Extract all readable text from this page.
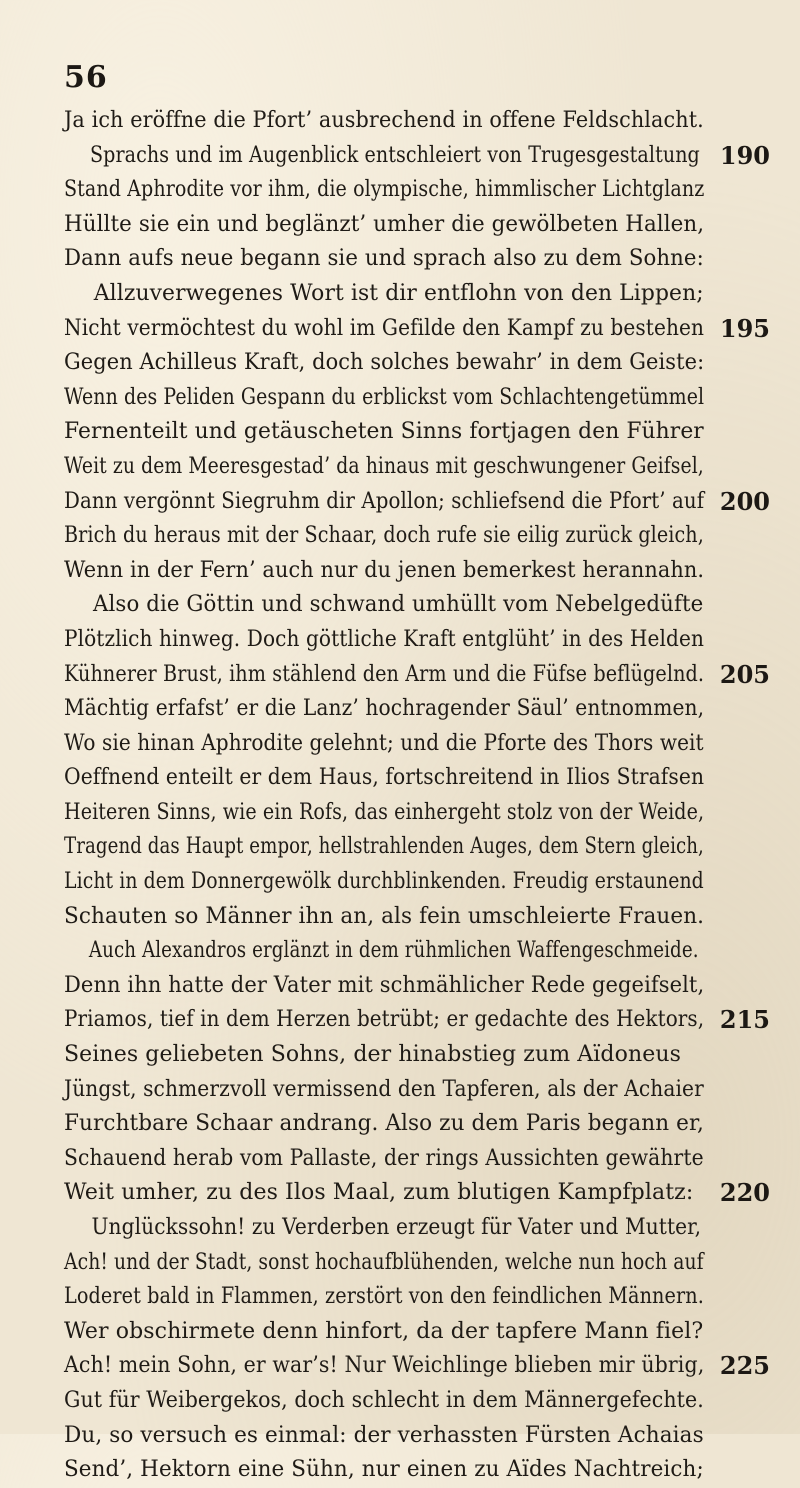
56
Ja ich eröffne die Pfort’ ausbrechend in offene Feldschlacht.
Sprachs und im Augenblick entschleiert von Trugesgestaltung 190
Stand Aphrodite vor ihm, die olympische, himmlischer Lichtglanz
Hüllte sie ein und beglänzt’ umher die gewölbeten Hallen,
Dann aufs neue begann sie und sprach also zu dem Sohne:
Allzuverwegenes Wort ist dir entflohn von den Lippen;
Nicht vermöchtest du wohl im Gefilde den Kampf zu bestehen 195
Gegen Achilleus Kraft, doch solches bewahr’ in dem Geiste:
Wenn des Peliden Gespann du erblickst vom Schlachtengetümmel
Fernenteilt und getäuscheten Sinns fortjagen den Führer
Weit zu dem Meeresgestad’ da hinaus mit geschwungener Geifsel,
Dann vergönnt Siegruhm dir Apollon; schliefsend die Pfort’ auf 200
Brich du heraus mit der Schaar, doch rufe sie eilig zurück gleich,
Wenn in der Fern’ auch nur du jenen bemerkest herannahn.
Also die Göttin und schwand umhüllt vom Nebelgedüfte
Plötzlich hinweg. Doch göttliche Kraft entglüht’ in des Helden
Kühnerer Brust, ihm stählend den Arm und die Füfse beflügelnd. 205
Mächtig erfafst’ er die Lanz’ hochragender Säul’ entnommen,
Wo sie hinan Aphrodite gelehnt; und die Pforte des Thors weit
Oeffnend enteilt er dem Haus, fortschreitend in Ilios Strafsen
Heiteren Sinns, wie ein Rofs, das einhergeht stolz von der Weide,
Tragend das Haupt empor, hellstrahlenden Auges, dem Stern gleich,
Licht in dem Donnergewölk durchblinkenden. Freudig erstaunend
Schauten so Männer ihn an, als fein umschleierte Frauen.
Auch Alexandros erglänzt in dem rühmlichen Waffengeschmeide.
Denn ihn hatte der Vater mit schmählicher Rede gegeifselt,
Priamos, tief in dem Herzen betrübt; er gedachte des Hektors, 215
Seines geliebeten Sohns, der hinabstieg zum Aïdoneus
Jüngst, schmerzvoll vermissend den Tapferen, als der Achaier
Furchtbare Schaar andrang. Also zu dem Paris begann er,
Schauend herab vom Pallaste, der rings Aussichten gewährte
Weit umher, zu des Ilos Maal, zum blutigen Kampfplatz: 220
Unglückssohn! zu Verderben erzeugt für Vater und Mutter,
Ach! und der Stadt, sonst hochaufblühenden, welche nun hoch auf
Loderet bald in Flammen, zerstört von den feindlichen Männern.
Wer obschirmete denn hinfort, da der tapfere Mann fiel?
Ach! mein Sohn, er war’s! Nur Weichlinge blieben mir übrig, 225
Gut für Weibergekos, doch schlecht in dem Männergefechte.
Du, so versuch es einmal: der verhassten Fürsten Achaias
Send’, Hektorn eine Sühn, nur einen zu Aïdes Nachtreich;
